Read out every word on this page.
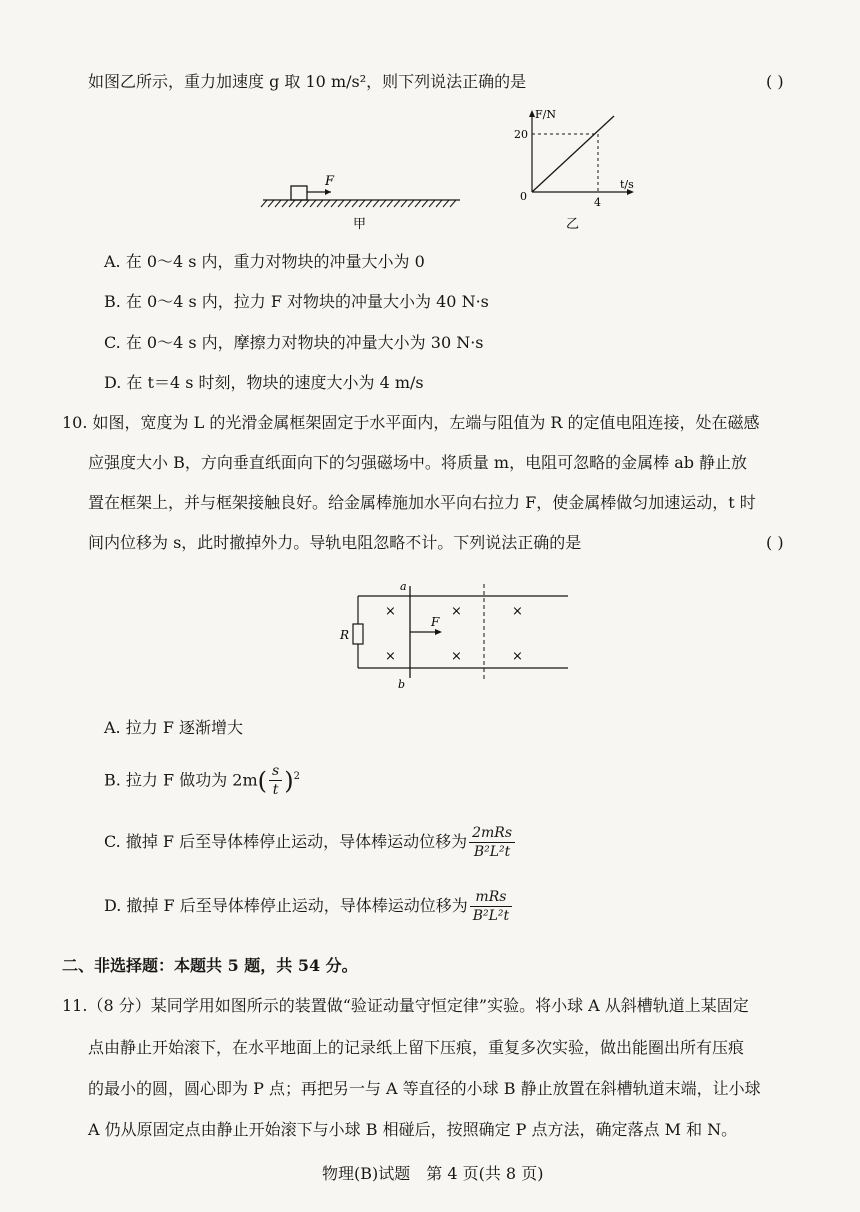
如图乙所示，重力加速度 g 取 10 m/s²，则下列说法正确的是	( )
F
甲
F/N
t/s
0
20
4
乙
A. 在 0～4 s 内，重力对物块的冲量大小为 0
B. 在 0～4 s 内，拉力 F 对物块的冲量大小为 40 N·s
C. 在 0～4 s 内，摩擦力对物块的冲量大小为 30 N·s
D. 在 t＝4 s 时刻，物块的速度大小为 4 m/s
10. 如图，宽度为 L 的光滑金属框架固定于水平面内，左端与阻值为 R 的定值电阻连接，处在磁感
应强度大小 B，方向垂直纸面向下的匀强磁场中。将质量 m，电阻可忽略的金属棒 ab 静止放
置在框架上，并与框架接触良好。给金属棒施加水平向右拉力 F，使金属棒做匀加速运动，t 时
间内位移为 s，此时撤掉外力。导轨电阻忽略不计。下列说法正确的是	( )
R
a
b
F
×	×	×
×	×	×
A. 拉力 F 逐渐增大
B. 拉力 F 做功为 $2m( \frac{s}{t} )^2$
C. 撤掉 F 后至导体棒停止运动，导体棒运动位移为 $\frac{\text{2mRs}}{\text{B²L²t}}$
D. 撤掉 F 后至导体棒停止运动，导体棒运动位移为 $\frac{\text{mRs}}{\text{B²L²t}}$
二、非选择题：本题共 5 题，共 54 分。
11.（8 分）某同学用如图所示的装置做“验证动量守恒定律”实验。将小球 A 从斜槽轨道上某固定
点由静止开始滚下，在水平地面上的记录纸上留下压痕，重复多次实验，做出能圈出所有压痕
的最小的圆，圆心即为 P 点；再把另一与 A 等直径的小球 B 静止放置在斜槽轨道末端，让小球
A 仍从原固定点由静止开始滚下与小球 B 相碰后，按照确定 P 点方法，确定落点 M 和 N。
物理(B)试题　第 4 页(共 8 页)
